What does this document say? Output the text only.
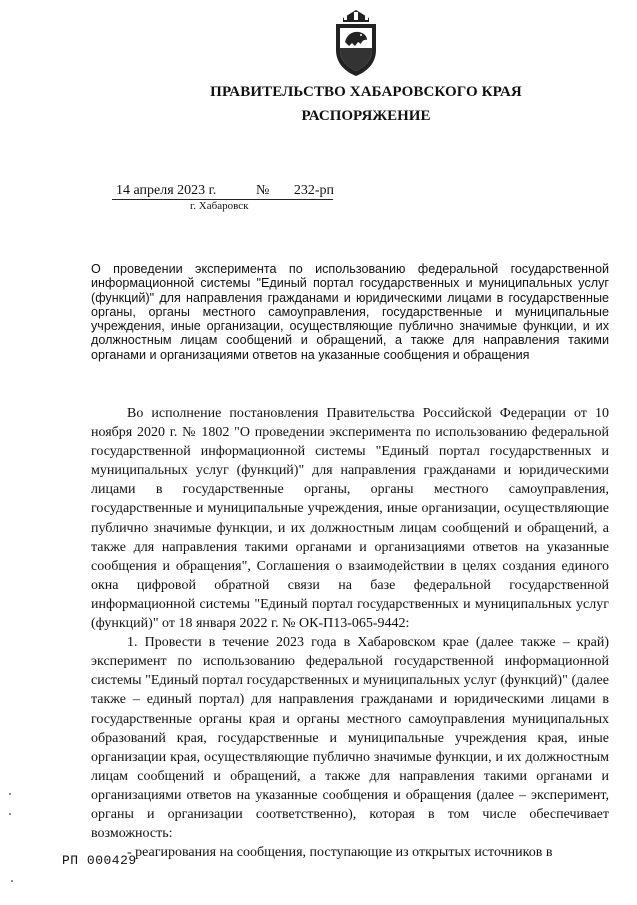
ПРАВИТЕЛЬСТВО ХАБАРОВСКОГО КРАЯ
РАСПОРЯЖЕНИЕ
14 апреля 2023 г.	№ 232-рп
г. Хабаровск
О проведении эксперимента по использованию федеральной государственной информационной системы "Единый портал государственных и муниципальных услуг (функций)" для направления гражданами и юридическими лицами в государственные органы, органы местного самоуправления, государственные и муниципальные учреждения, иные организации, осуществляющие публично значимые функции, и их должностным лицам сообщений и обращений, а также для направления такими органами и организациями ответов на указанные сообщения и обращения

Во исполнение постановления Правительства Российской Федерации от 10 ноября 2020 г. № 1802 "О проведении эксперимента по использованию федеральной государственной информационной системы "Единый портал государственных и муниципальных услуг (функций)" для направления гражданами и юридическими лицами в государственные органы, органы местного самоуправления, государственные и муниципальные учреждения, иные организации, осуществляющие публично значимые функции, и их должностным лицам сообщений и обращений, а также для направления такими органами и организациями ответов на указанные сообщения и обращения", Соглашения о взаимодействии в целях создания единого окна цифровой обратной связи на базе федеральной государственной информационной системы "Единый портал государственных и муниципальных услуг (функций)" от 18 января 2022 г. № ОК-П13-065-9442:

1. Провести в течение 2023 года в Хабаровском крае (далее также – край) эксперимент по использованию федеральной государственной информационной системы "Единый портал государственных и муниципальных услуг (функций)" (далее также – единый портал) для направления гражданами и юридическими лицами в государственные органы края и органы местного самоуправления муниципальных образований края, государственные и муниципальные учреждения края, иные организации края, осуществляющие публично значимые функции, и их должностным лицам сообщений и обращений, а также для направления такими органами и организациями ответов на указанные сообщения и обращения (далее – эксперимент, органы и организации соответственно), которая в том числе обеспечивает возможность:

- реагирования на сообщения, поступающие из открытых источников в

РП 000429
